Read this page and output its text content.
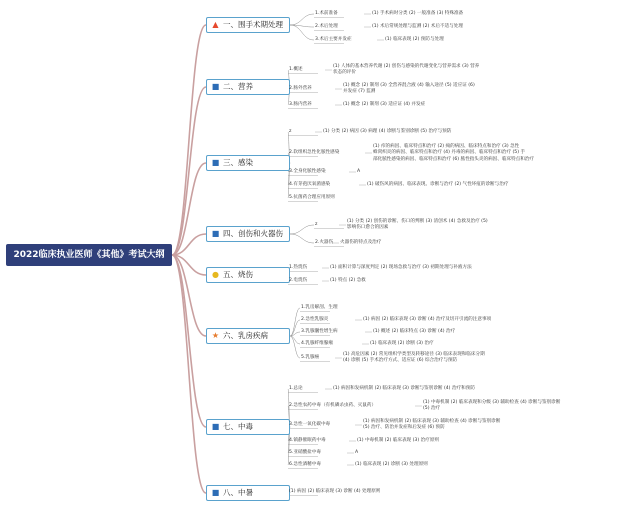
2022临床执业医师《其他》考试大纲
▲ 一、围手术期处理
1.术前准备	(1) 手术病时分类 (2) 一般准备 (3) 特殊准备
2.术后处理	(1) 术后常规处理与监测 (2) 术后不适与处理
3.术后主要并发症	(1) 临床表现 (2) 预防与处理
■ 二、营养
1.概述
(1) 人体的基本营养代谢 (2) 创伤与感染的代谢变化与营养需求 (3) 营养
状态的评价
2.肠外营养
(1) 概念 (2) 制剂 (3) 全营养混合液 (4) 输入途径 (5) 适应证 (6)
并发症 (7) 监测
3.肠内营养	(1) 概念 (2) 制剂 (3) 适应证 (4) 并发症
■ 三、感染
z	(1) 分类 (2) 病因 (3) 病理 (4) 诊断与鉴别诊断 (5) 治疗与预防
2.软组织急性化脓性感染
(1) 疖的病因、临床特点和治疗 (2) 痈的病因、临床特点和治疗 (3) 急性
蜂窝织炎的病因、临床特点和治疗 (4) 丹毒的病因、临床特点和治疗 (5) 手
部化脓性感染的病因、临床特点和治疗 (6) 脓性指头炎的病因、临床特点和治疗
3.全身化脓性感染	A
4.有芽孢厌氧菌感染	(1) 破伤风的病因、临床表现、诊断与治疗 (2) 气性坏疽的诊断与治疗
5.抗菌药合理应用原则
■ 四、创伤和火器伤
z
(1) 分类 (2) 创伤的诊断、伤口的判断 (3) 清创术 (4) 急救及治疗 (5)
影响伤口愈合的因素
2.火器伤 火器伤的特点及治疗
● 五、烧伤
1.热烧伤	(1) 面积计算与深度判定 (2) 现场急救与治疗 (3) 初期处理与补液方法
2.电烧伤	(1) 特点 (2) 急救
★ 六、乳房疾病
1.乳房解剖、生理
2.急性乳腺炎	(1) 病因 (2) 临床表现 (3) 诊断 (4) 治疗及切开引流的注意事项
3.乳腺囊性增生病	(1) 概述 (2) 临床特点 (3) 诊断 (4) 治疗
4.乳腺纤维腺瘤	(1) 临床表现 (2) 诊断 (3) 治疗
5.乳腺癌
(1) 高危因素 (2) 常见组织学类型及转移途径 (3) 临床表现和临床分期
(4) 诊断 (5) 手术治疗方式、适应证 (6) 综合治疗与预防
■ 七、中毒
1.总论	(1) 病因和发病机制 (2) 临床表现 (3) 诊断与鉴别诊断 (4) 治疗和预防
2.急性农药中毒（有机磷杀虫药、灭鼠药）
(1) 中毒机制 (2) 临床表现和分级 (3) 辅助检查 (4) 诊断与鉴别诊断
(5) 治疗
3.急性一氧化碳中毒
(1) 病因和发病机制 (2) 临床表现 (3) 辅助检查 (4) 诊断与鉴别诊断
(5) 治疗、防治并发症和后发症 (6) 预防
4.镇静催眠药中毒	(1) 中毒机制 (2) 临床表现 (3) 治疗原则
5.亚硝酸盐中毒	A
6.急性酒精中毒	(1) 临床表现 (2) 诊断 (3) 处理原则
■ 八、中暑	(1) 病因 (2) 临床表现 (3) 诊断 (4) 处理原则
